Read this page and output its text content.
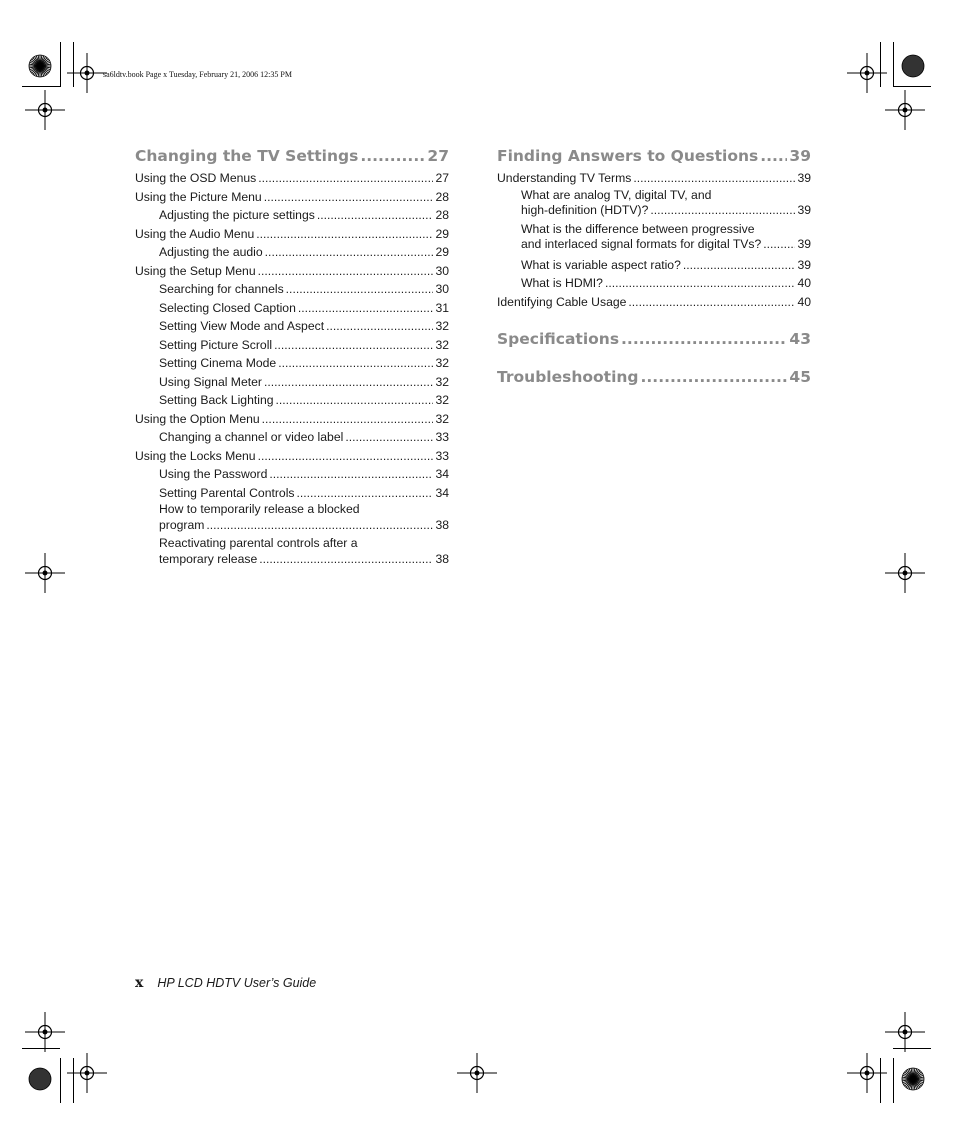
sa6ldtv.book Page x Tuesday, February 21, 2006 12:35 PM
Changing the TV Settings .....	27
Using the OSD Menus .....	27
Using the Picture Menu .....	28
Adjusting the picture settings .....	28
Using the Audio Menu .....	29
Adjusting the audio .....	29
Using the Setup Menu .....	30
Searching for channels .....	30
Selecting Closed Caption .....	31
Setting View Mode and Aspect .....	32
Setting Picture Scroll .....	32
Setting Cinema Mode .....	32
Using Signal Meter .....	32
Setting Back Lighting .....	32
Using the Option Menu .....	32
Changing a channel or video label .....	33
Using the Locks Menu .....	33
Using the Password .....	34
Setting Parental Controls .....	34
How to temporarily release a blocked
program .....	38
Reactivating parental controls after a
temporary release .....	38
Finding Answers to Questions ..... 39
Understanding TV Terms .....	39
What are analog TV, digital TV, and
high-definition (HDTV)? .....	39
What is the difference between progressive
and interlaced signal formats for digital TVs? .....	39
What is variable aspect ratio? .....	39
What is HDMI? .....	40
Identifying Cable Usage .....	40
Specifications .....	43
Troubleshooting .....	45
x HP LCD HDTV User’s Guide
